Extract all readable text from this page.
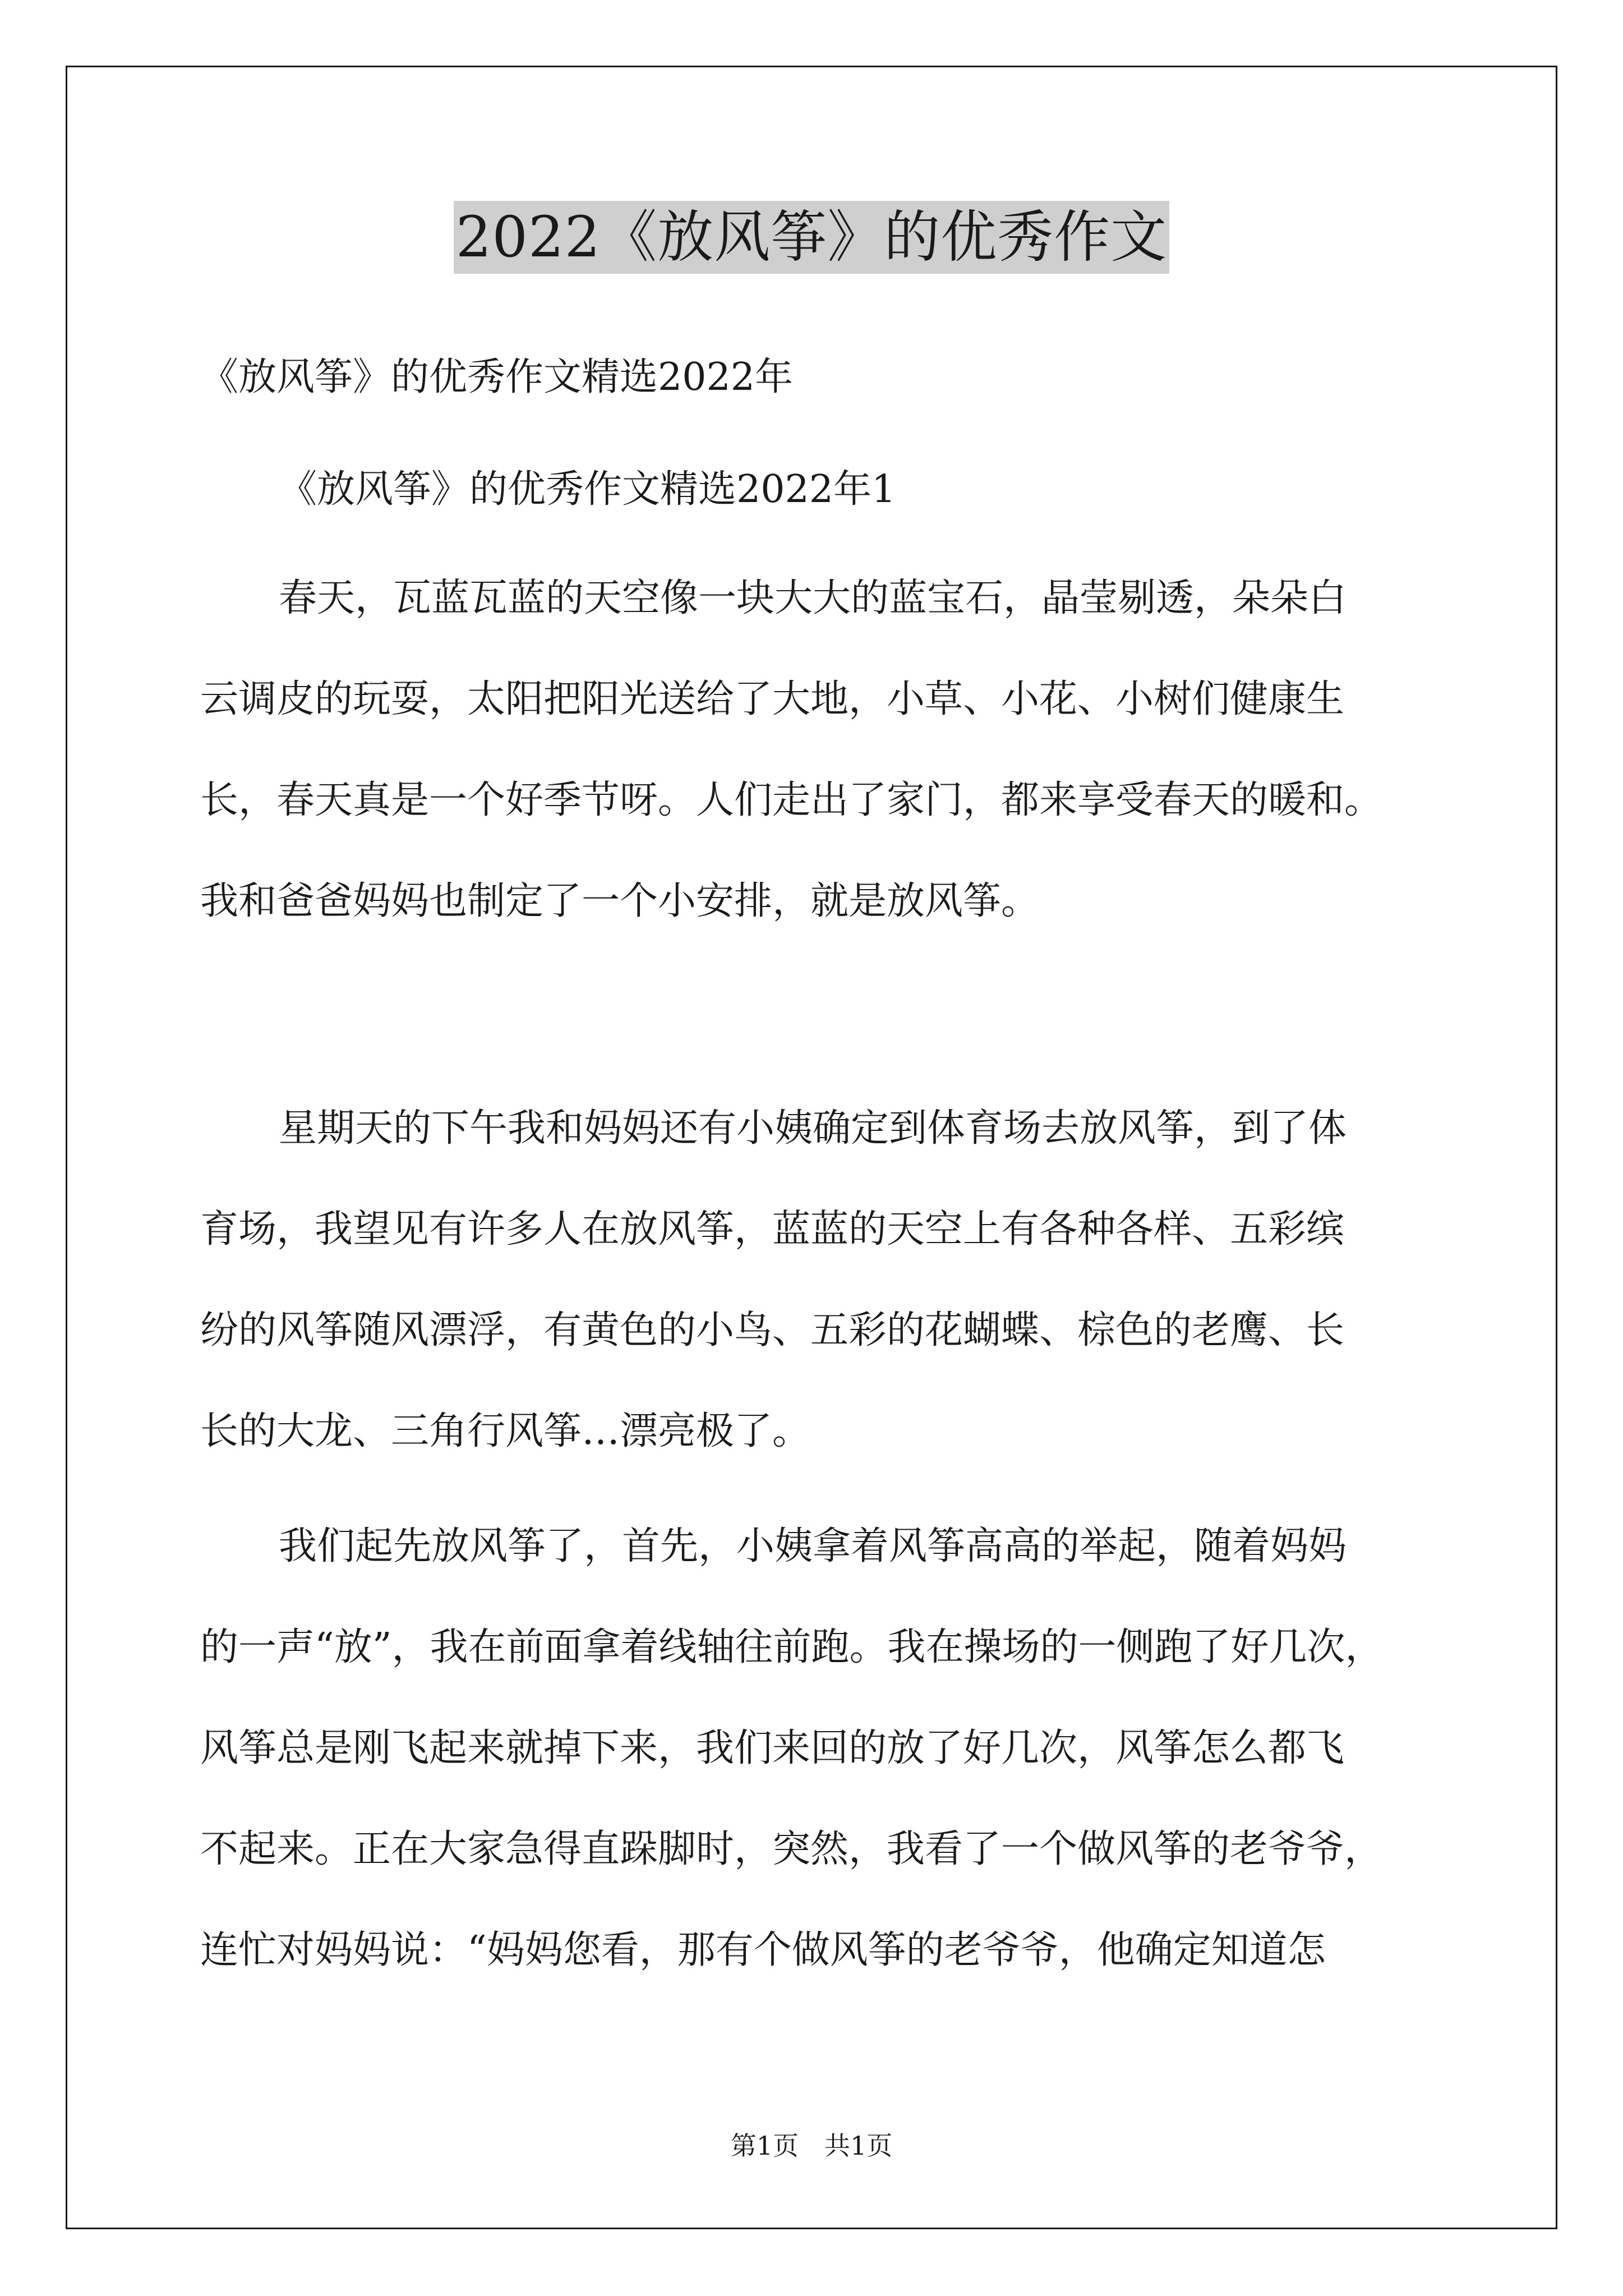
2022《放风筝》的优秀作文
《放风筝》的优秀作文精选2022年
《放风筝》的优秀作文精选2022年1
春天，瓦蓝瓦蓝的天空像一块大大的蓝宝石，晶莹剔透，朵朵白
云调皮的玩耍，太阳把阳光送给了大地，小草、小花、小树们健康生
长，春天真是一个好季节呀。人们走出了家门，都来享受春天的暖和。
我和爸爸妈妈也制定了一个小安排，就是放风筝。
星期天的下午我和妈妈还有小姨确定到体育场去放风筝，到了体
育场，我望见有许多人在放风筝，蓝蓝的天空上有各种各样、五彩缤
纷的风筝随风漂浮，有黄色的小鸟、五彩的花蝴蝶、棕色的老鹰、长
长的大龙、三角行风筝…漂亮极了。
我们起先放风筝了，首先，小姨拿着风筝高高的举起，随着妈妈
的一声“放”，我在前面拿着线轴往前跑。我在操场的一侧跑了好几次，
风筝总是刚飞起来就掉下来，我们来回的放了好几次，风筝怎么都飞
不起来。正在大家急得直跺脚时，突然，我看了一个做风筝的老爷爷，
连忙对妈妈说：“妈妈您看，那有个做风筝的老爷爷，他确定知道怎
第1页　共1页
